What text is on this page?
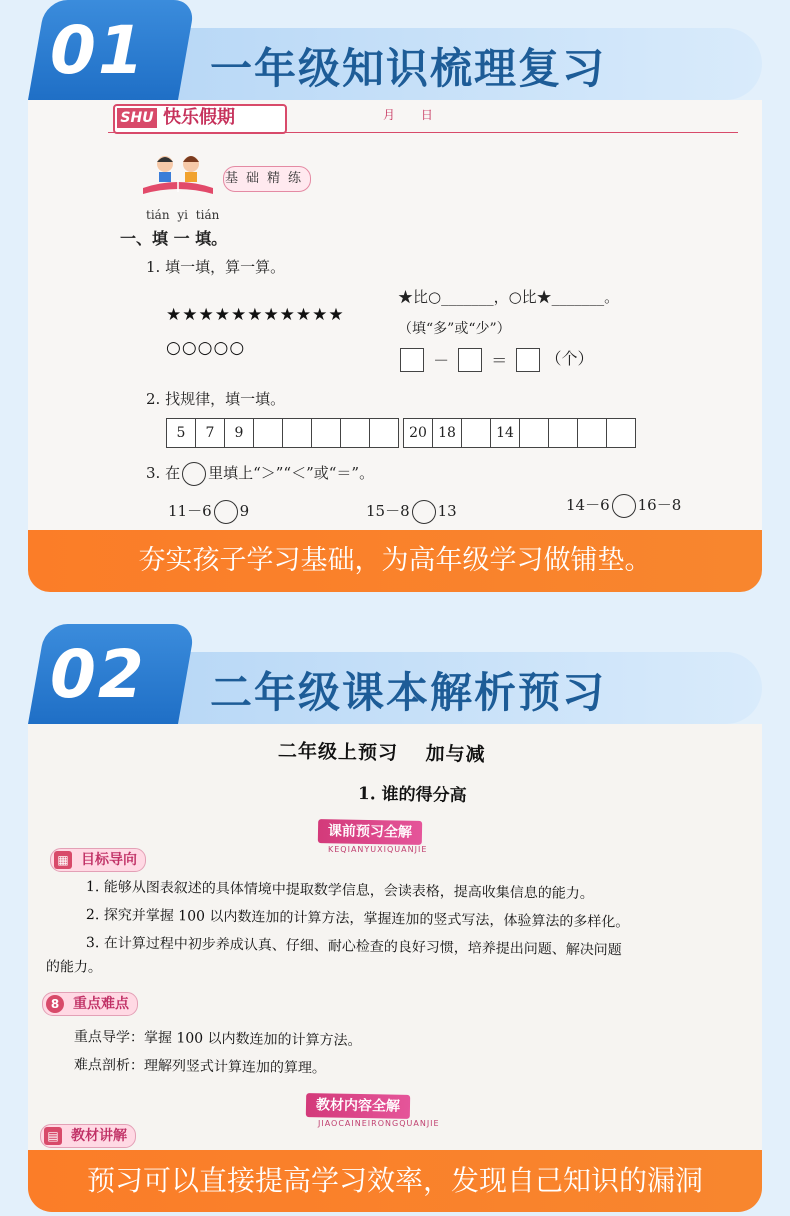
01	一年级知识梳理复习
SHU 快乐假期	月 日
基础精练
tián yi tián
一、填 一 填。
1. 填一填，算一算。
★★★★★★★★★★★
○○○○○
★比○_______，○比★_______。
（填“多”或“少”）
－	＝ （个）
2. 找规律，填一填。
5	7	9	20 18	14
3. 在 里填上“＞”“＜”或“＝”。
11－6 9	15－8 13	14－6 16－8
夯实孩子学习基础，为高年级学习做铺垫。
02	二年级课本解析预习
二年级上预习　 加与减
1. 谁的得分高
课前预习全解
KEQIANYUXIQUANJIE
▦ 目标导向
1. 能够从图表叙述的具体情境中提取数学信息，会读表格，提高收集信息的能力。
2. 探究并掌握 100 以内数连加的计算方法，掌握连加的竖式写法，体验算法的多样化。
3. 在计算过程中初步养成认真、仔细、耐心检查的良好习惯，培养提出问题、解决问题
的能力。
8 重点难点
重点导学：掌握 100 以内数连加的计算方法。
难点剖析：理解列竖式计算连加的算理。
教材内容全解
JIAOCAINEIRONGQUANJIE
▤ 教材讲解
预习可以直接提高学习效率，发现自己知识的漏洞
